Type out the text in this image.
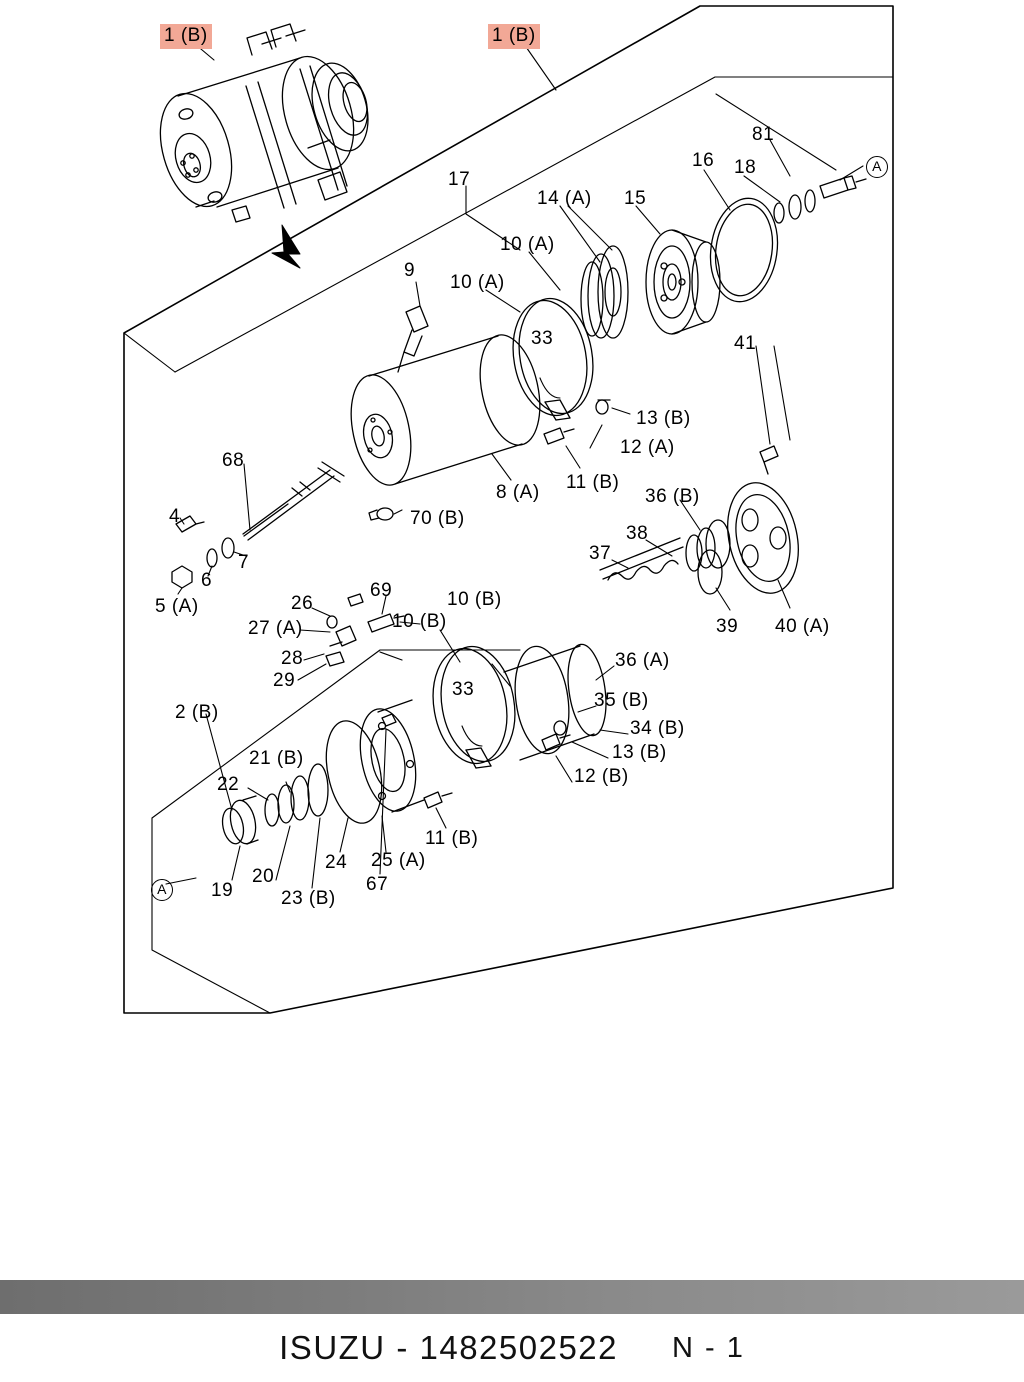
1 (B)	1 (B)
81
16 18	A
17
14 (A) 15
10 (A)
9
10 (A)
33	41
13 (B)
12 (A)
68
8 (A) 11 (B)
36 (B)
4	70 (B)
38
37
7
6
5 (A)
39 40 (A)
26
69	10 (B)
27 (A)	10 (B)
28	36 (A)
29	33
35 (B)
2 (B)
34 (B)
13 (B)
21 (B)
12 (B)
22
11 (B)
25 (A)
24
20	67
A	19	23 (B)
ISUZU - 1482502522 N - 1
